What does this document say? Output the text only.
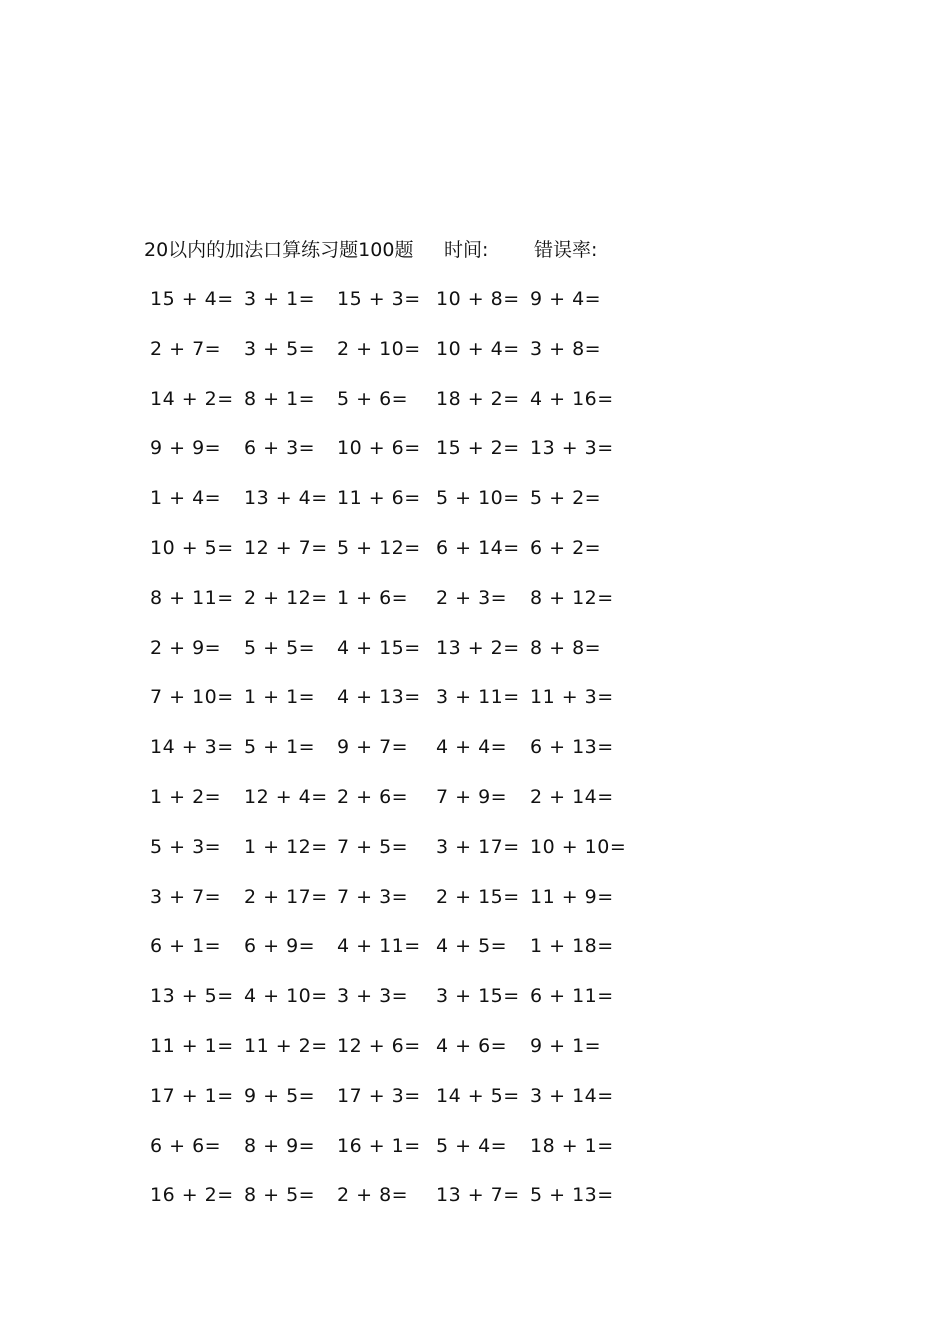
20以内的加法口算练习题100题 时间: 错误率:
15 + 4= 3 + 1= 15 + 3= 10 + 8= 9 + 4=
2 + 7= 3 + 5= 2 + 10= 10 + 4= 3 + 8=
14 + 2= 8 + 1= 5 + 6= 18 + 2= 4 + 16=
9 + 9= 6 + 3= 10 + 6= 15 + 2= 13 + 3=
1 + 4= 13 + 4= 11 + 6= 5 + 10= 5 + 2=
10 + 5= 12 + 7= 5 + 12= 6 + 14= 6 + 2=
8 + 11= 2 + 12= 1 + 6= 2 + 3= 8 + 12=
2 + 9= 5 + 5= 4 + 15= 13 + 2= 8 + 8=
7 + 10= 1 + 1= 4 + 13= 3 + 11= 11 + 3=
14 + 3= 5 + 1= 9 + 7= 4 + 4= 6 + 13=
1 + 2= 12 + 4= 2 + 6= 7 + 9= 2 + 14=
5 + 3= 1 + 12= 7 + 5= 3 + 17= 10 + 10=
3 + 7= 2 + 17= 7 + 3= 2 + 15= 11 + 9=
6 + 1= 6 + 9= 4 + 11= 4 + 5= 1 + 18=
13 + 5= 4 + 10= 3 + 3= 3 + 15= 6 + 11=
11 + 1= 11 + 2= 12 + 6= 4 + 6= 9 + 1=
17 + 1= 9 + 5= 17 + 3= 14 + 5= 3 + 14=
6 + 6= 8 + 9= 16 + 1= 5 + 4= 18 + 1=
16 + 2= 8 + 5= 2 + 8= 13 + 7= 5 + 13=
